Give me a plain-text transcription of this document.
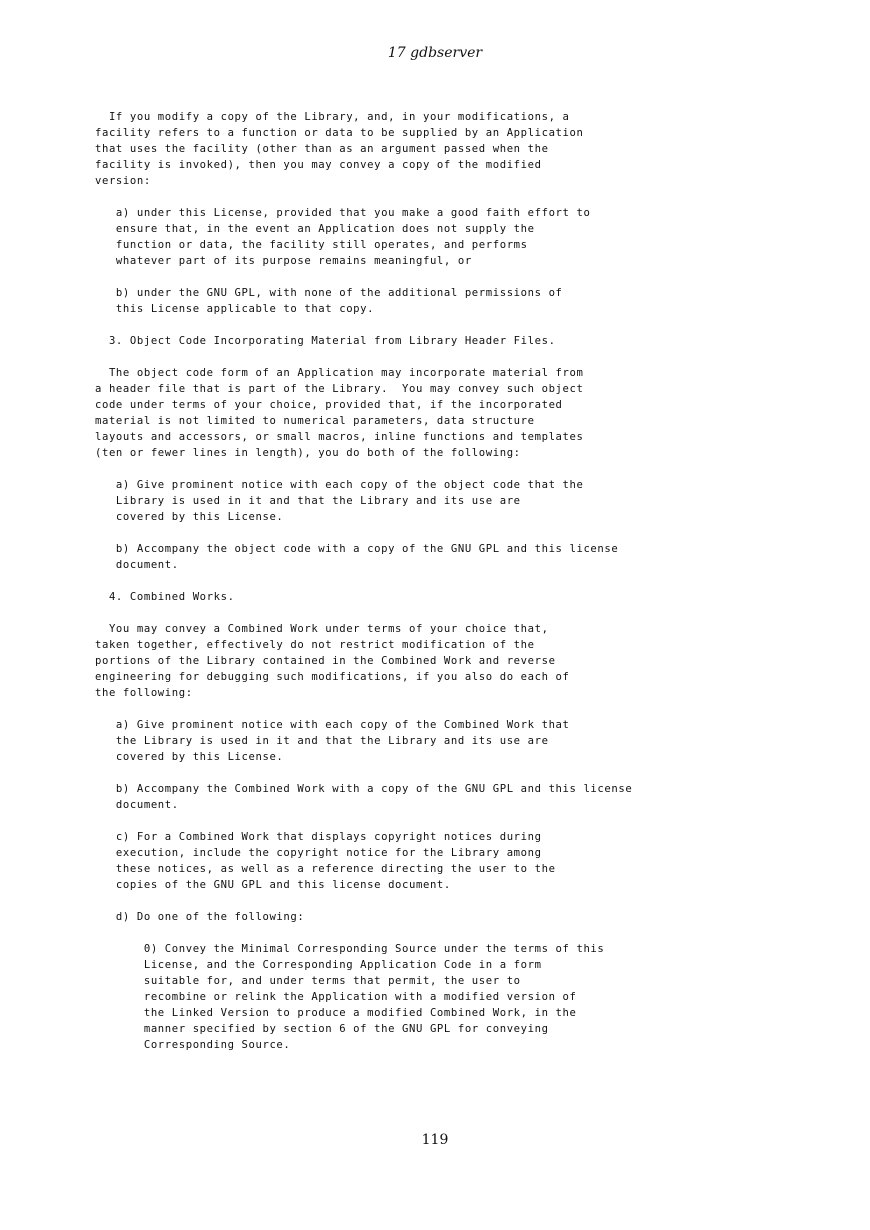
17 gdbserver
If you modify a copy of the Library, and, in your modifications, a
facility refers to a function or data to be supplied by an Application
that uses the facility (other than as an argument passed when the
facility is invoked), then you may convey a copy of the modified
version:

a) under this License, provided that you make a good faith effort to
ensure that, in the event an Application does not supply the
function or data, the facility still operates, and performs
whatever part of its purpose remains meaningful, or

b) under the GNU GPL, with none of the additional permissions of
this License applicable to that copy.

3. Object Code Incorporating Material from Library Header Files.

The object code form of an Application may incorporate material from
a header file that is part of the Library.  You may convey such object
code under terms of your choice, provided that, if the incorporated
material is not limited to numerical parameters, data structure
layouts and accessors, or small macros, inline functions and templates
(ten or fewer lines in length), you do both of the following:

a) Give prominent notice with each copy of the object code that the
Library is used in it and that the Library and its use are
covered by this License.

b) Accompany the object code with a copy of the GNU GPL and this license
document.

4. Combined Works.

You may convey a Combined Work under terms of your choice that,
taken together, effectively do not restrict modification of the
portions of the Library contained in the Combined Work and reverse
engineering for debugging such modifications, if you also do each of
the following:

a) Give prominent notice with each copy of the Combined Work that
the Library is used in it and that the Library and its use are
covered by this License.

b) Accompany the Combined Work with a copy of the GNU GPL and this license
document.

c) For a Combined Work that displays copyright notices during
execution, include the copyright notice for the Library among
these notices, as well as a reference directing the user to the
copies of the GNU GPL and this license document.

d) Do one of the following:

0) Convey the Minimal Corresponding Source under the terms of this
License, and the Corresponding Application Code in a form
suitable for, and under terms that permit, the user to
recombine or relink the Application with a modified version of
the Linked Version to produce a modified Combined Work, in the
manner specified by section 6 of the GNU GPL for conveying
Corresponding Source.
119
